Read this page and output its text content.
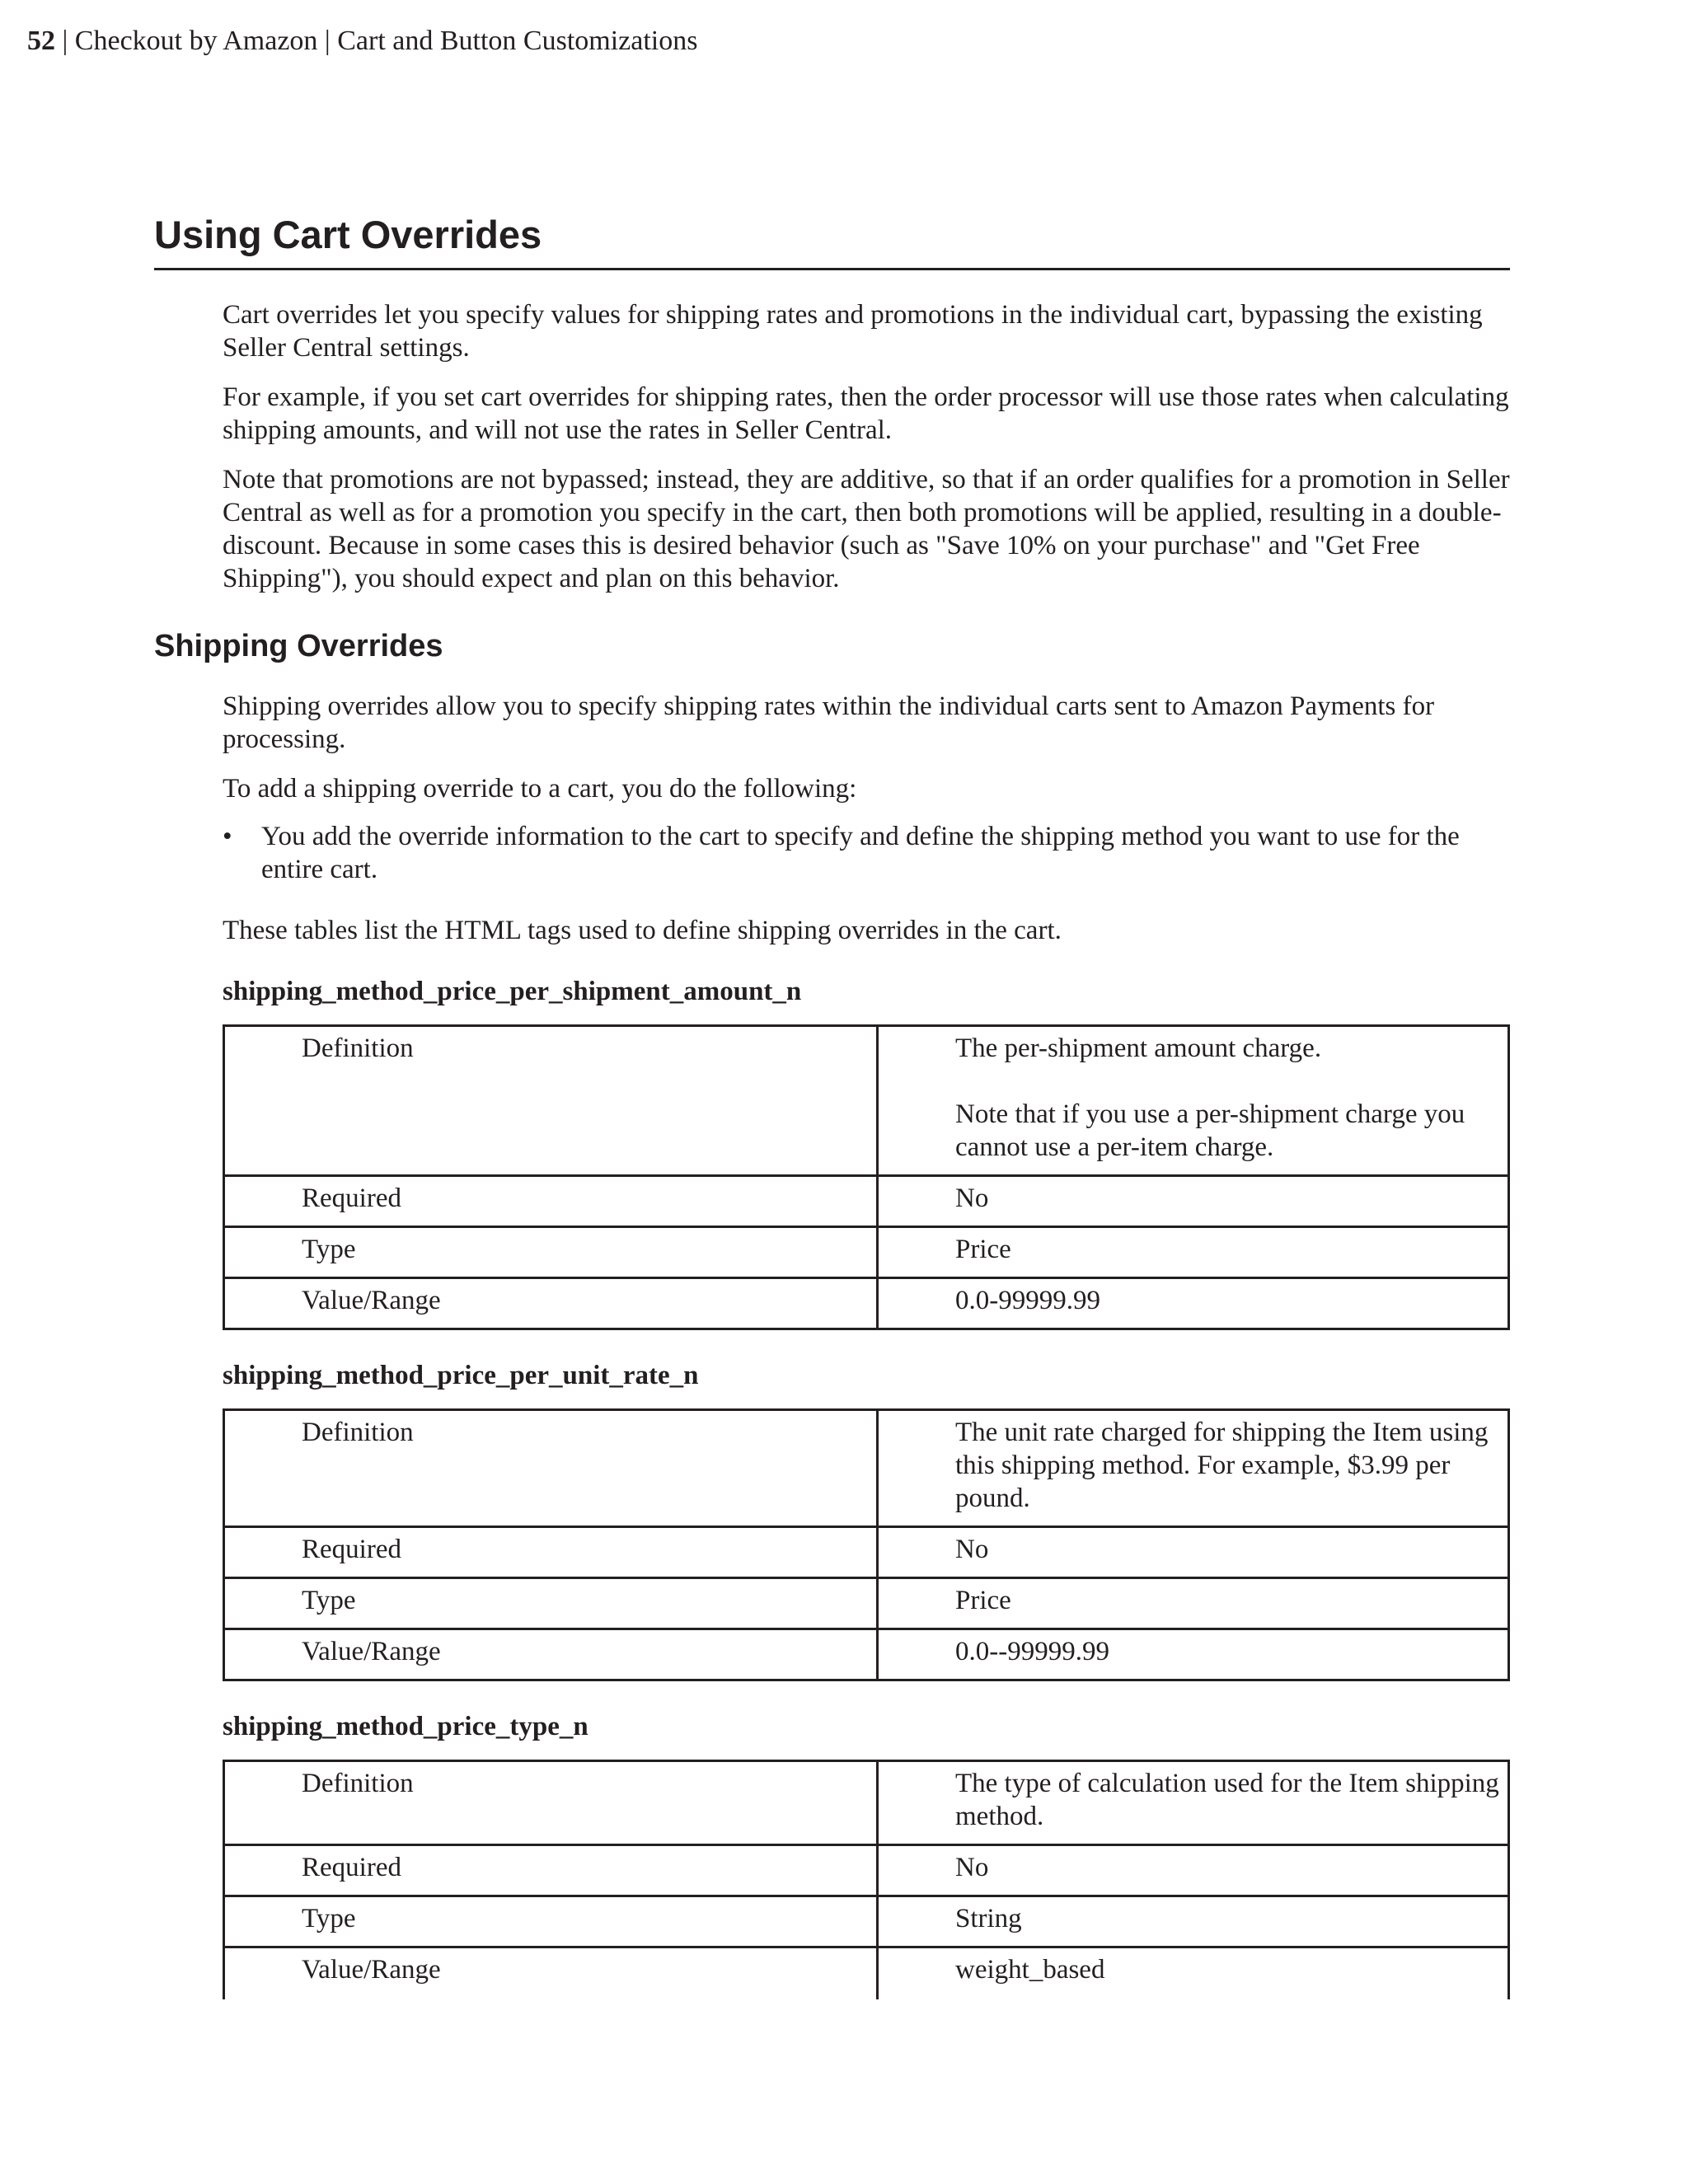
52 | Checkout by Amazon | Cart and Button Customizations
Using Cart Overrides

Cart overrides let you specify values for shipping rates and promotions in the individual cart, bypassing the existing Seller Central settings.

For example, if you set cart overrides for shipping rates, then the order processor will use those rates when calculating shipping amounts, and will not use the rates in Seller Central.

Note that promotions are not bypassed; instead, they are additive, so that if an order qualifies for a promotion in Seller Central as well as for a promotion you specify in the cart, then both promotions will be applied, resulting in a double-discount. Because in some cases this is desired behavior (such as "Save 10% on your purchase" and "Get Free Shipping"), you should expect and plan on this behavior.

Shipping Overrides

Shipping overrides allow you to specify shipping rates within the individual carts sent to Amazon Payments for processing.

To add a shipping override to a cart, you do the following:

• You add the override information to the cart to specify and define the shipping method you want to use for the entire cart.

These tables list the HTML tags used to define shipping overrides in the cart.

shipping_method_price_per_shipment_amount_n
Definition	The per-shipment amount charge.
Note that if you use a per-shipment charge you cannot use a per-item charge.

Required	No
Type	Price
Value/Range	0.0-99999.99
shipping_method_price_per_unit_rate_n
Definition	The unit rate charged for shipping the Item using this shipping method. For example, $3.99 per pound.
Required	No
Type	Price
Value/Range	0.0--99999.99
shipping_method_price_type_n
Definition	The type of calculation used for the Item shipping method.
Required	No
Type	String
Value/Range	weight_based
